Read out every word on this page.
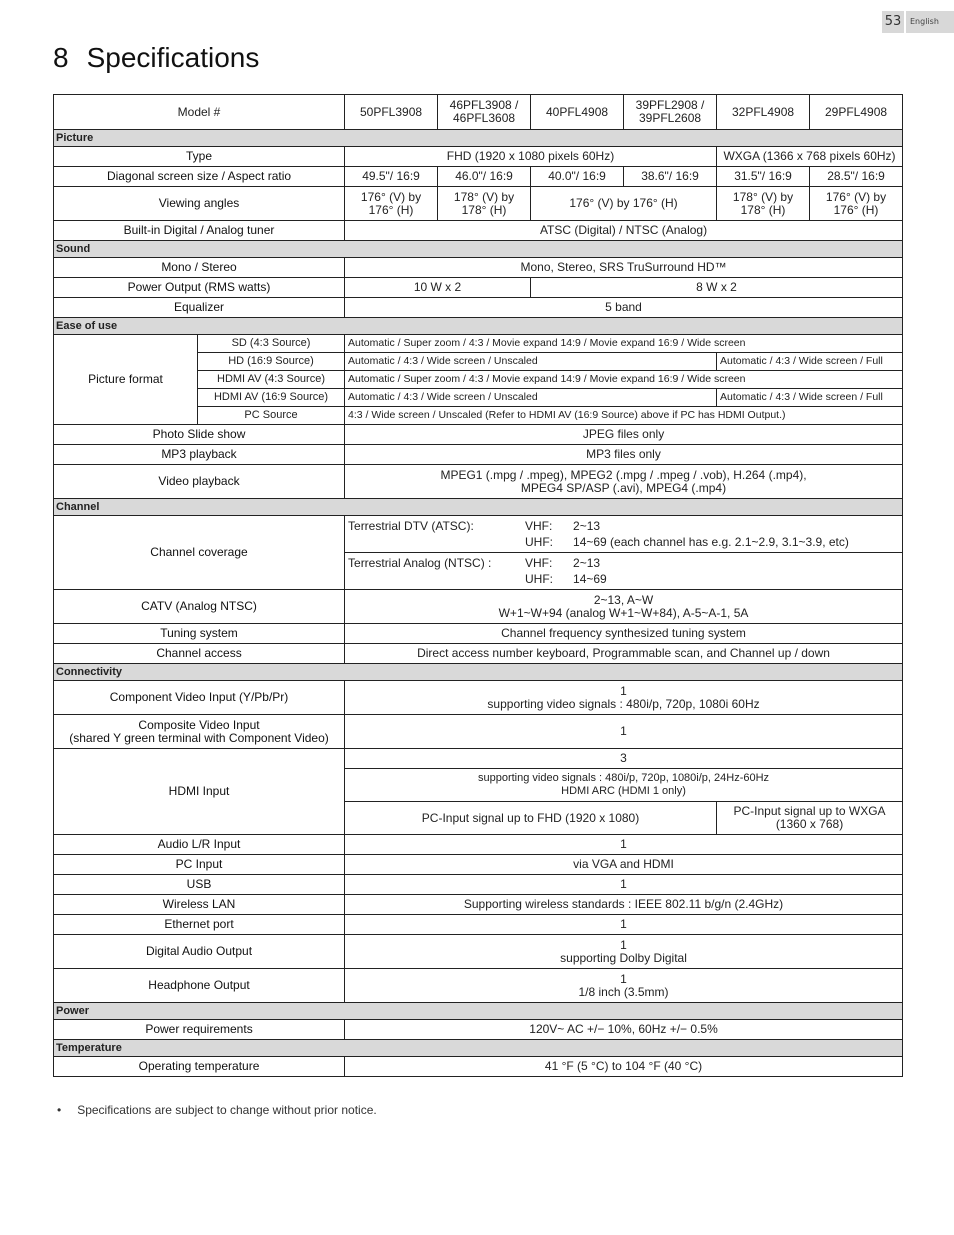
53	English
8 Specifications
Model #		50PFL3908	46PFL3908 / 46PFL3608	40PFL4908	39PFL2908 / 39PFL2608	32PFL4908	29PFL4908
Picture							
Type		FHD (1920 x 1080 pixels 60Hz)				WXGA (1366 x 768 pixels 60Hz)	
Diagonal screen size / Aspect ratio		49.5"/ 16:9	46.0"/ 16:9	40.0"/ 16:9	38.6"/ 16:9	31.5"/ 16:9	28.5"/ 16:9
Viewing angles		176° (V) by 176° (H)	178° (V) by 178° (H)	176° (V) by 176° (H)		178° (V) by 178° (H)	176° (V) by 176° (H)
Built-in Digital / Analog tuner		ATSC (Digital) / NTSC (Analog)					
Sound							
Mono / Stereo		Mono, Stereo, SRS TruSurround HD™					
Power Output (RMS watts)		10 W x 2		8 W x 2			
Equalizer		5 band					
Ease of use							
Picture format	SD (4:3 Source)	Automatic / Super zoom / 4:3 / Movie expand 14:9 / Movie expand 16:9 / Wide screen					
	HD (16:9 Source)	Automatic / 4:3 / Wide screen / Unscaled				Automatic / 4:3 / Wide screen / Full	
	HDMI AV (4:3 Source)	Automatic / Super zoom / 4:3 / Movie expand 14:9 / Movie expand 16:9 / Wide screen					
	HDMI AV (16:9 Source)	Automatic / 4:3 / Wide screen / Unscaled				Automatic / 4:3 / Wide screen / Full	
	PC Source	4:3 / Wide screen / Unscaled (Refer to HDMI AV (16:9 Source) above if PC has HDMI Output.)					
Photo Slide show		JPEG files only					
MP3 playback		MP3 files only					
Video playback		MPEG1 (.mpg / .mpeg), MPEG2 (.mpg / .mpeg / .vob), H.264 (.mp4),
MPEG4 SP/ASP (.avi), MPEG4 (.mp4)					

Channel							
Channel coverage		Terrestrial DTV (ATSC): VHF: 2~13
UHF: 14~69 (each channel has e.g. 2.1~2.9, 3.1~3.9, etc)					

		Terrestrial Analog (NTSC) : VHF: 2~13
UHF: 14~69					

CATV (Analog NTSC)		2~13, A~W
W+1~W+94 (analog W+1~W+84), A-5~A-1, 5A					

Tuning system		Channel frequency synthesized tuning system					
Channel access		Direct access number keyboard, Programmable scan, and Channel up / down					
Connectivity							
Component Video Input (Y/Pb/Pr)		1
supporting video signals : 480i/p, 720p, 1080i 60Hz					

Composite Video Input
(shared Y green terminal with Component Video)		1					
HDMI Input		3					

		supporting video signals : 480i/p, 720p, 1080i/p, 24Hz-60Hz
HDMI ARC (HDMI 1 only)					

		PC-Input signal up to FHD (1920 x 1080)				PC-Input signal up to WXGA (1360 x 768)	
Audio L/R Input		1					
PC Input		via VGA and HDMI					
USB		1					
Wireless LAN		Supporting wireless standards : IEEE 802.11 b/g/n (2.4GHz)					
Ethernet port		1					
Digital Audio Output		1
supporting Dolby Digital					

Headphone Output		1
1/8 inch (3.5mm)					

Power							
Power requirements		120V~ AC +/− 10%, 60Hz +/− 0.5%					
Temperature							
Operating temperature		41 °F (5 °C) to 104 °F (40 °C)					
• Specifications are subject to change without prior notice.
